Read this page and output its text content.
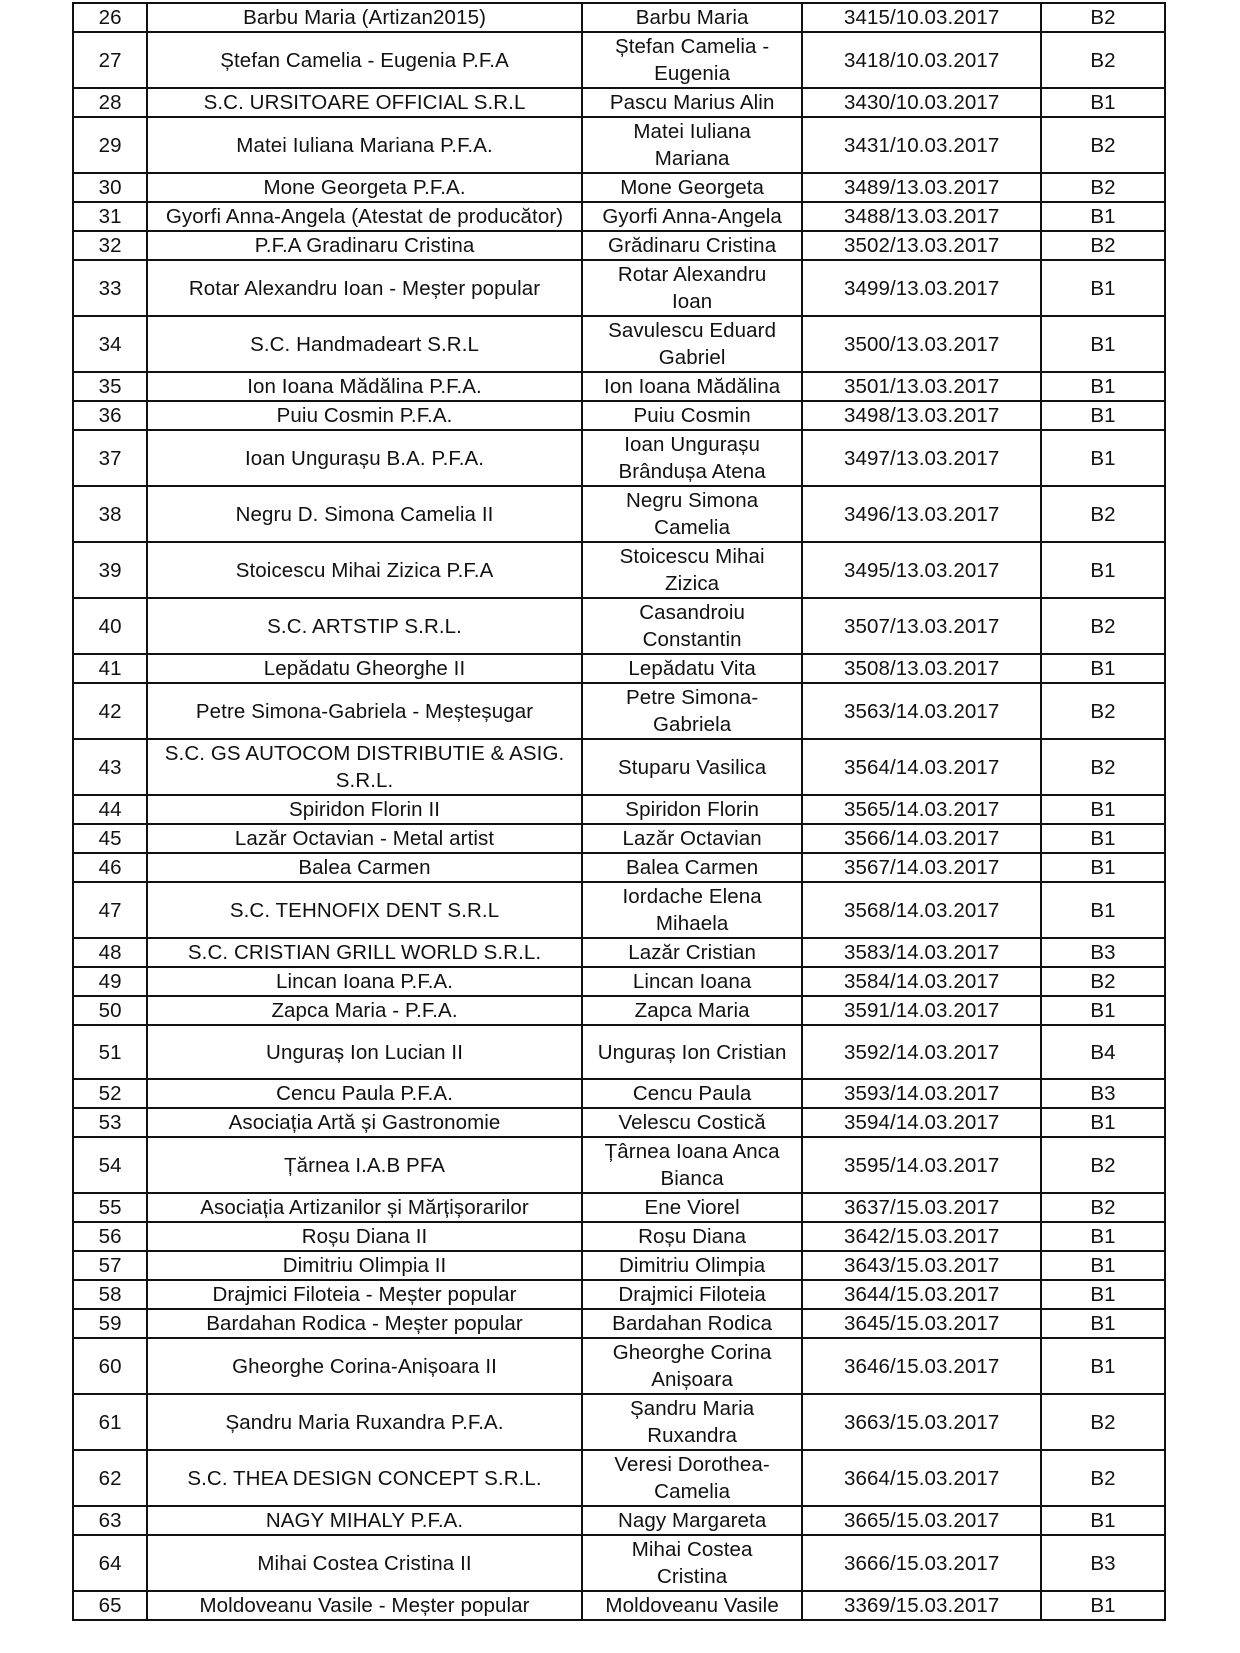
26	Barbu Maria (Artizan2015)	Barbu Maria	3415/10.03.2017	B2
27	Ștefan Camelia - Eugenia P.F.A	Ștefan Camelia - Eugenia	3418/10.03.2017	B2
28	S.C. URSITOARE OFFICIAL S.R.L	Pascu Marius Alin	3430/10.03.2017	B1
29	Matei Iuliana Mariana P.F.A.	Matei Iuliana Mariana	3431/10.03.2017	B2
30	Mone Georgeta P.F.A.	Mone Georgeta	3489/13.03.2017	B2
31	Gyorfi Anna-Angela (Atestat de producător)	Gyorfi Anna-Angela	3488/13.03.2017	B1
32	P.F.A Gradinaru Cristina	Grădinaru Cristina	3502/13.03.2017	B2
33	Rotar Alexandru Ioan - Meșter popular	Rotar Alexandru Ioan	3499/13.03.2017	B1
34	S.C. Handmadeart S.R.L	Savulescu Eduard Gabriel	3500/13.03.2017	B1
35	Ion Ioana Mădălina P.F.A.	Ion Ioana Mădălina	3501/13.03.2017	B1
36	Puiu Cosmin P.F.A.	Puiu Cosmin	3498/13.03.2017	B1
37	Ioan Ungurașu B.A. P.F.A.	Ioan Ungurașu Brândușa Atena	3497/13.03.2017	B1
38	Negru D. Simona Camelia II	Negru Simona Camelia	3496/13.03.2017	B2
39	Stoicescu Mihai Zizica P.F.A	Stoicescu Mihai Zizica	3495/13.03.2017	B1
40	S.C. ARTSTIP S.R.L.	Casandroiu Constantin	3507/13.03.2017	B2
41	Lepădatu Gheorghe II	Lepădatu Vita	3508/13.03.2017	B1
42	Petre Simona-Gabriela - Meșteșugar	Petre Simona-Gabriela	3563/14.03.2017	B2
43	S.C. GS AUTOCOM DISTRIBUTIE & ASIG. S.R.L.	Stuparu Vasilica	3564/14.03.2017	B2
44	Spiridon Florin II	Spiridon Florin	3565/14.03.2017	B1
45	Lazăr Octavian - Metal artist	Lazăr Octavian	3566/14.03.2017	B1
46	Balea Carmen	Balea Carmen	3567/14.03.2017	B1
47	S.C. TEHNOFIX DENT S.R.L	Iordache Elena Mihaela	3568/14.03.2017	B1
48	S.C. CRISTIAN GRILL WORLD S.R.L.	Lazăr Cristian	3583/14.03.2017	B3
49	Lincan Ioana P.F.A.	Lincan Ioana	3584/14.03.2017	B2
50	Zapca Maria - P.F.A.	Zapca Maria	3591/14.03.2017	B1
51	Unguraș Ion Lucian II	Unguraș Ion Cristian	3592/14.03.2017	B4
52	Cencu Paula P.F.A.	Cencu Paula	3593/14.03.2017	B3
53	Asociația Artă și Gastronomie	Velescu Costică	3594/14.03.2017	B1
54	Țărnea I.A.B PFA	Țârnea Ioana Anca Bianca	3595/14.03.2017	B2
55	Asociația Artizanilor și Mărțișorarilor	Ene Viorel	3637/15.03.2017	B2
56	Roșu Diana II	Roșu Diana	3642/15.03.2017	B1
57	Dimitriu Olimpia II	Dimitriu Olimpia	3643/15.03.2017	B1
58	Drajmici Filoteia - Meșter popular	Drajmici Filoteia	3644/15.03.2017	B1
59	Bardahan Rodica - Meșter popular	Bardahan Rodica	3645/15.03.2017	B1
60	Gheorghe Corina-Anișoara II	Gheorghe Corina Anișoara	3646/15.03.2017	B1
61	Șandru Maria Ruxandra P.F.A.	Șandru Maria Ruxandra	3663/15.03.2017	B2
62	S.C. THEA DESIGN CONCEPT S.R.L.	Veresi Dorothea-Camelia	3664/15.03.2017	B2
63	NAGY MIHALY P.F.A.	Nagy Margareta	3665/15.03.2017	B1
64	Mihai Costea Cristina II	Mihai Costea Cristina	3666/15.03.2017	B3
65	Moldoveanu Vasile - Meșter popular	Moldoveanu Vasile	3369/15.03.2017	B1
